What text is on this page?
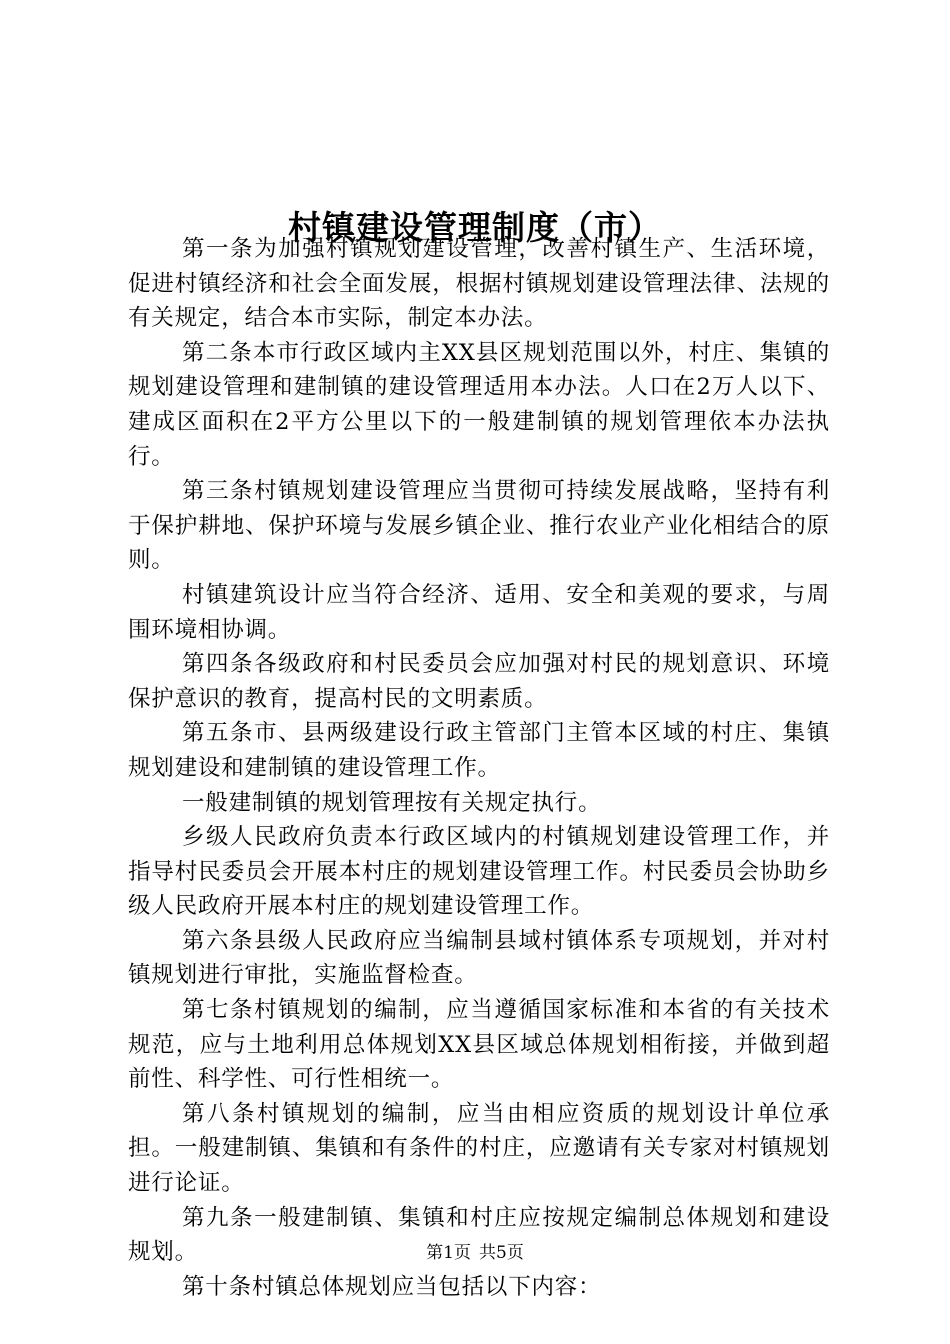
村镇建设管理制度（市）

第一条为加强村镇规划建设管理，改善村镇生产、生活环境，促进村镇经济和社会全面发展，根据村镇规划建设管理法律、法规的有关规定，结合本市实际，制定本办法。

第二条本市行政区域内主XX县区规划范围以外，村庄、集镇的规划建设管理和建制镇的建设管理适用本办法。人口在2万人以下、建成区面积在2平方公里以下的一般建制镇的规划管理依本办法执行。

第三条村镇规划建设管理应当贯彻可持续发展战略，坚持有利于保护耕地、保护环境与发展乡镇企业、推行农业产业化相结合的原则。

村镇建筑设计应当符合经济、适用、安全和美观的要求，与周围环境相协调。

第四条各级政府和村民委员会应加强对村民的规划意识、环境保护意识的教育，提高村民的文明素质。

第五条市、县两级建设行政主管部门主管本区域的村庄、集镇规划建设和建制镇的建设管理工作。

一般建制镇的规划管理按有关规定执行。

乡级人民政府负责本行政区域内的村镇规划建设管理工作，并指导村民委员会开展本村庄的规划建设管理工作。村民委员会协助乡级人民政府开展本村庄的规划建设管理工作。

第六条县级人民政府应当编制县域村镇体系专项规划，并对村镇规划进行审批，实施监督检查。

第七条村镇规划的编制，应当遵循国家标准和本省的有关技术规范，应与土地利用总体规划XX县区域总体规划相衔接，并做到超前性、科学性、可行性相统一。

第八条村镇规划的编制，应当由相应资质的规划设计单位承担。一般建制镇、集镇和有条件的村庄，应邀请有关专家对村镇规划进行论证。

第九条一般建制镇、集镇和村庄应按规定编制总体规划和建设规划。

第十条村镇总体规划应当包括以下内容：

第1页 共5页
